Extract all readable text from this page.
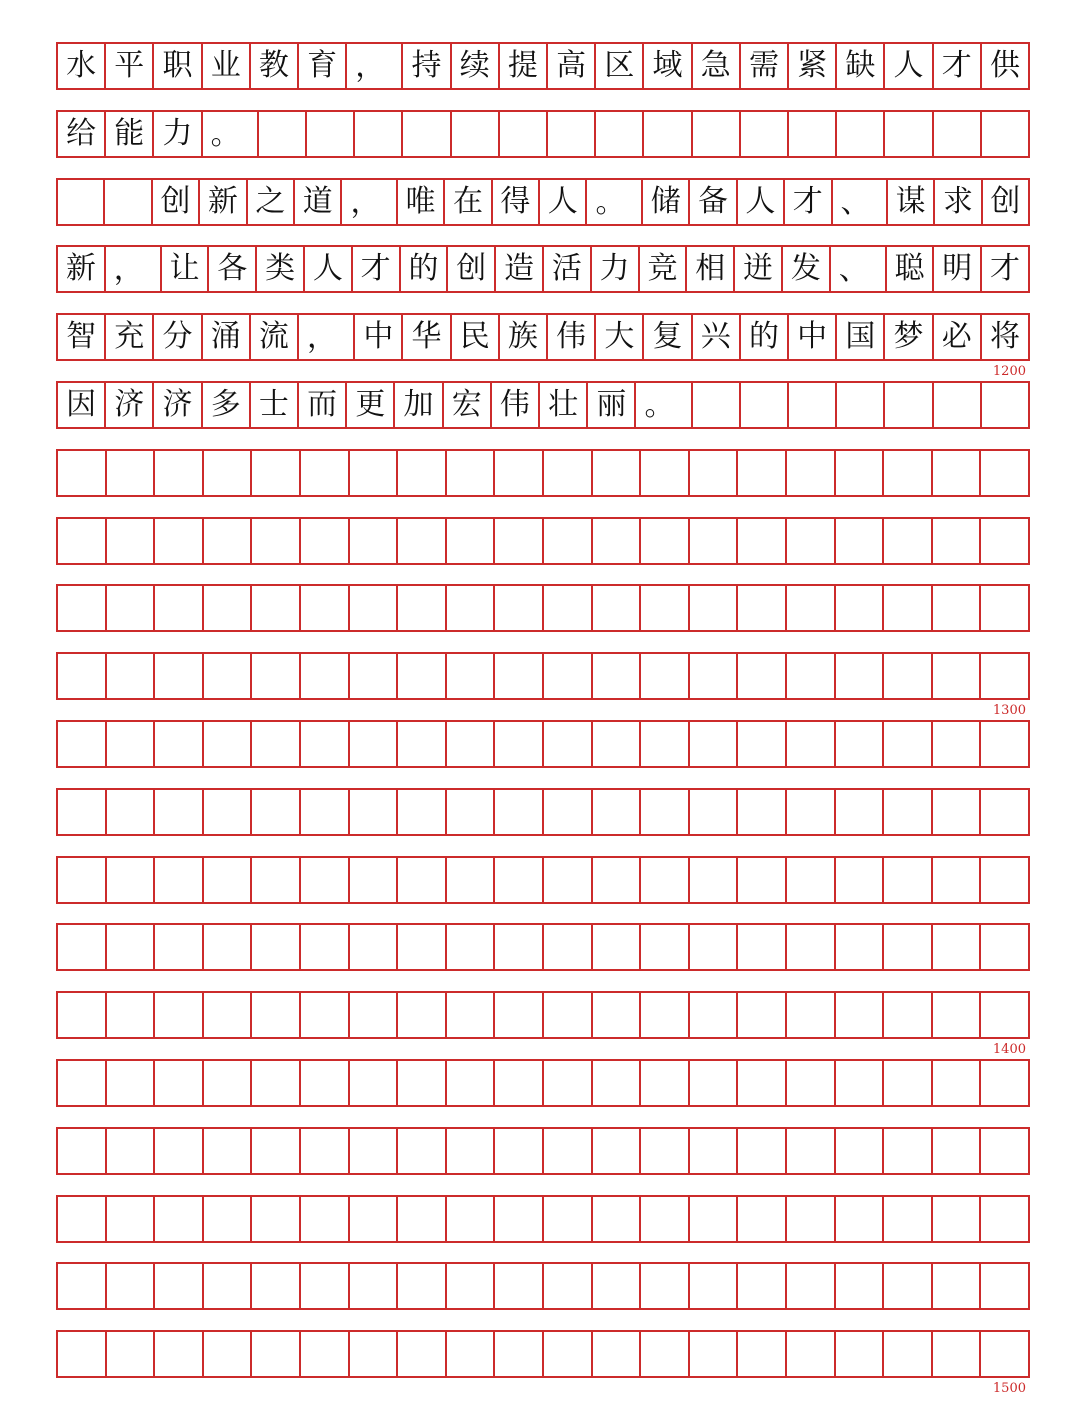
水 平 职 业 教 育 ， 持 续 提 高 区 域 急 需 紧 缺 人 才 供
给 能 力 。
创 新 之 道 ， 唯 在 得 人 。 储 备 人 才 、 谋 求 创
新 ， 让 各 类 人 才 的 创 造 活 力 竞 相 迸 发 、 聪 明 才
智 充 分 涌 流 ， 中 华 民 族 伟 大 复 兴 的 中 国 梦 必 将
因 济 济 多 士 而 更 加 宏 伟 壮 丽 。
1200
1300
1400
1500
